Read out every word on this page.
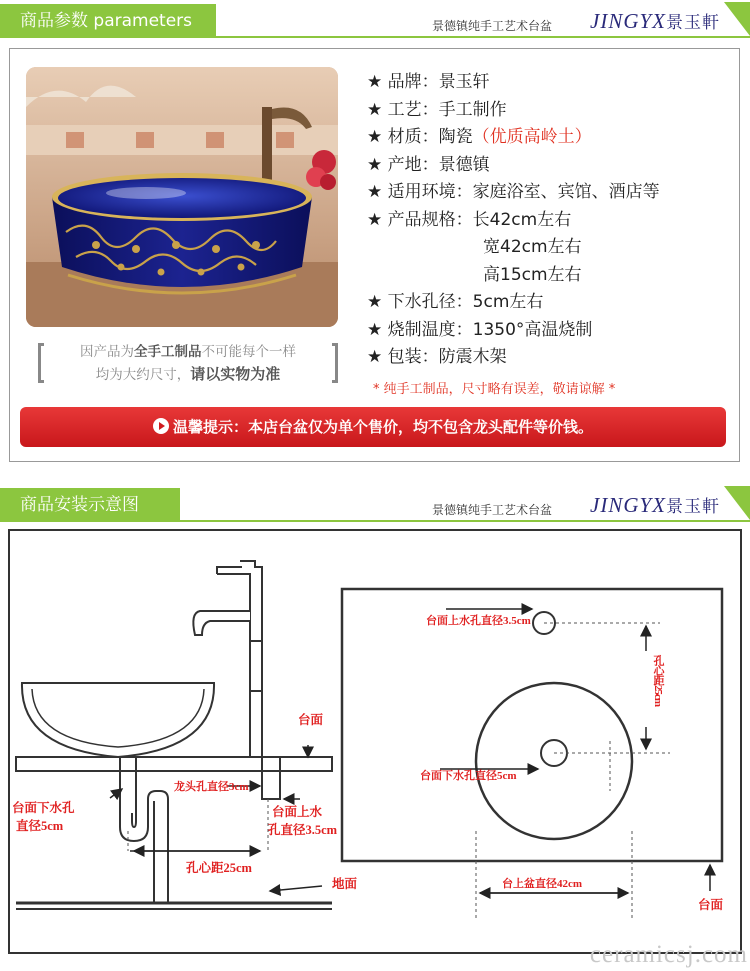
商品参数 parameters	景德镇纯手工艺术台盆 JINGYX景玉軒
因产品为全手工制品不可能每个一样
均为大约尺寸，请以实物为准
★ 品牌：景玉轩
★ 工艺：手工制作
★ 材质：陶瓷（优质高岭土）
★ 产地：景德镇
★ 适用环境：家庭浴室、宾馆、酒店等
★ 产品规格：长42cm左右
宽42cm左右
高15cm左右
★ 下水孔径：5cm左右
★ 烧制温度：1350°高温烧制
★ 包装：防震木架
* 纯手工制品，尺寸略有误差，敬请谅解 *
温馨提示：本店台盆仅为单个售价，均不包含龙头配件等价钱。
商品安装示意图	景德镇纯手工艺术台盆 JINGYX景玉軒
台面
台面下水孔
直径5cm
龙头孔直径3cm
台面上水
孔直径3.5cm
孔心距25cm
地面
台面上水孔直径3.5cm
孔心距25cm
台面下水孔直径5cm
台上盆直径42cm
台面
ceramicsj.com
